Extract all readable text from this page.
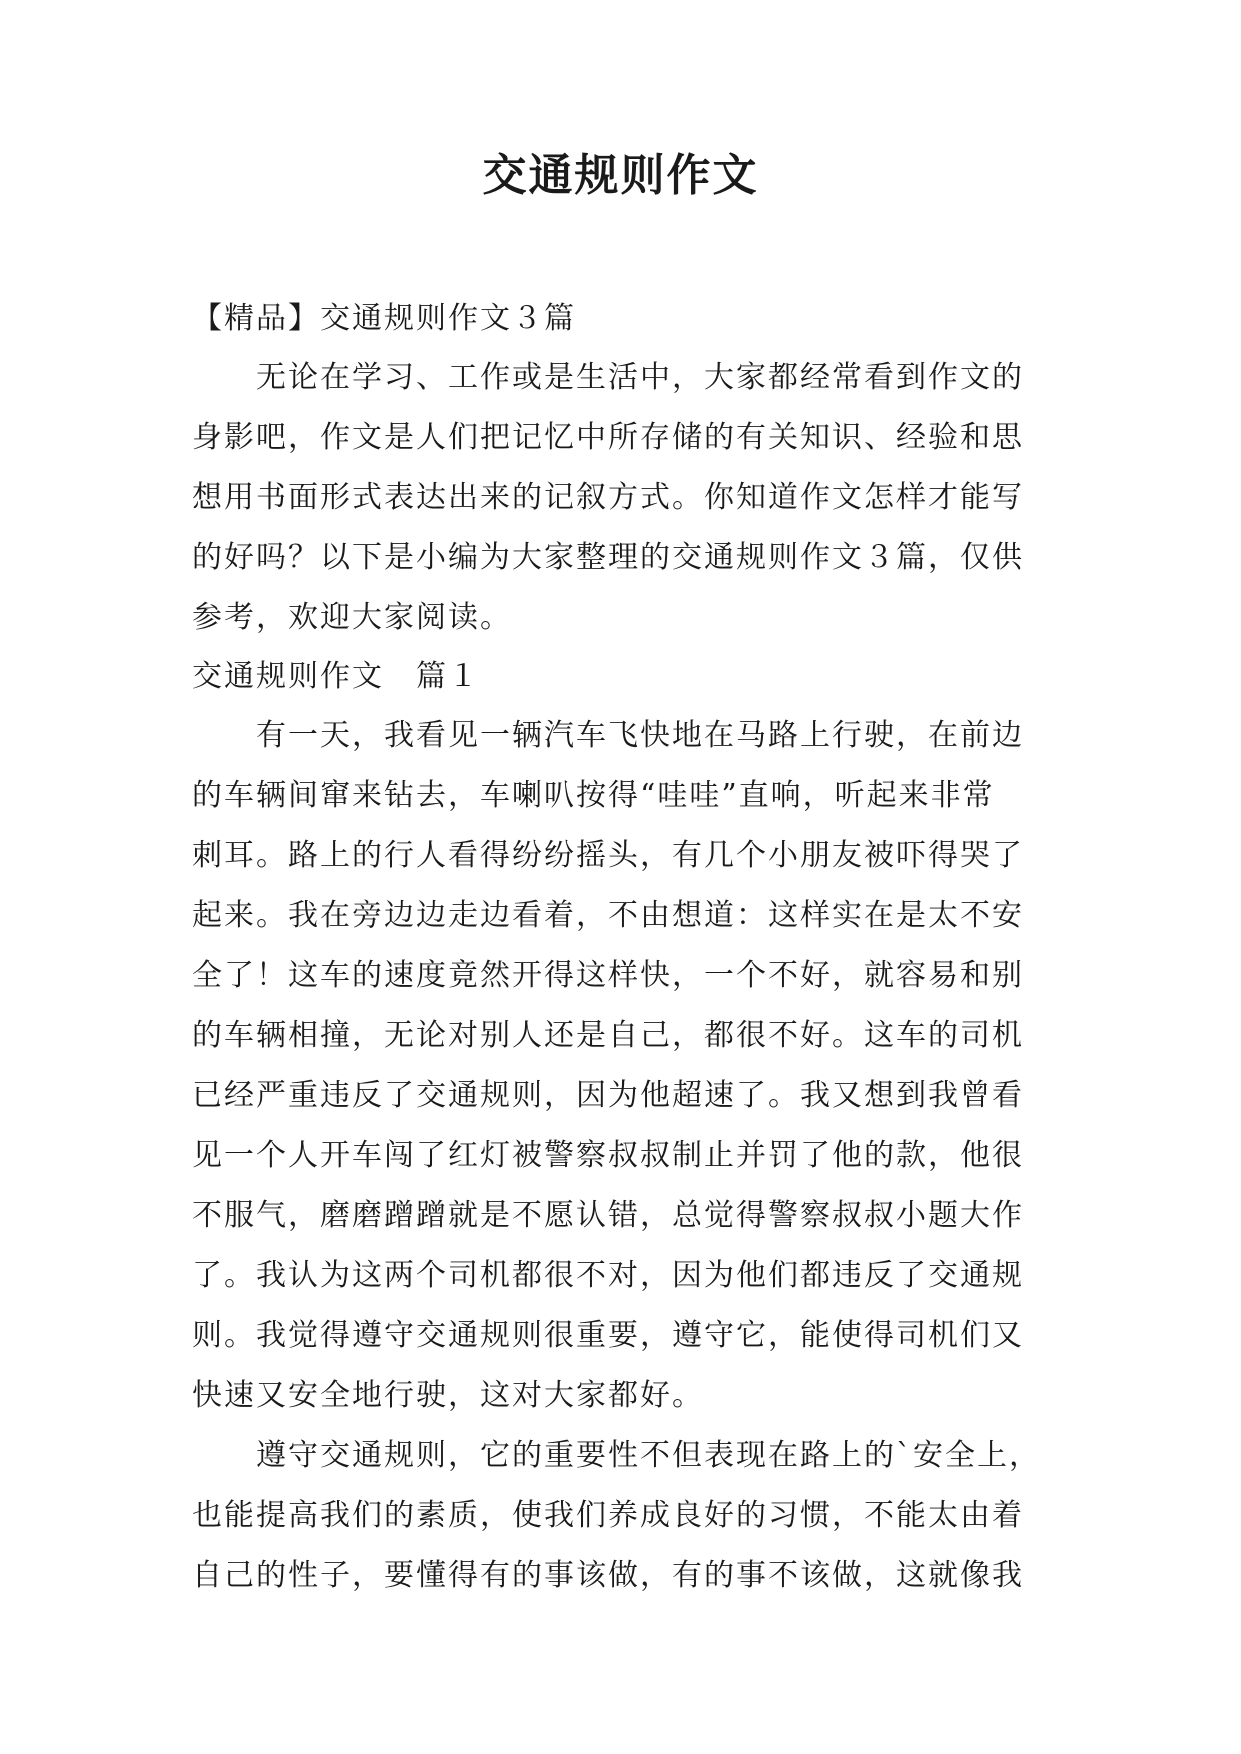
交通规则作文
【精品】交通规则作文３篇
无论在学习、工作或是生活中，大家都经常看到作文的
身影吧，作文是人们把记忆中所存储的有关知识、经验和思
想用书面形式表达出来的记叙方式。你知道作文怎样才能写
的好吗？以下是小编为大家整理的交通规则作文３篇，仅供
参考，欢迎大家阅读。
交通规则作文　篇１
有一天，我看见一辆汽车飞快地在马路上行驶，在前边
的车辆间窜来钻去，车喇叭按得“哇哇”直响，听起来非常
刺耳。路上的行人看得纷纷摇头，有几个小朋友被吓得哭了
起来。我在旁边边走边看着，不由想道：这样实在是太不安
全了！这车的速度竟然开得这样快，一个不好，就容易和别
的车辆相撞，无论对别人还是自己，都很不好。这车的司机
已经严重违反了交通规则，因为他超速了。我又想到我曾看
见一个人开车闯了红灯被警察叔叔制止并罚了他的款，他很
不服气，磨磨蹭蹭就是不愿认错，总觉得警察叔叔小题大作
了。我认为这两个司机都很不对，因为他们都违反了交通规
则。我觉得遵守交通规则很重要，遵守它，能使得司机们又
快速又安全地行驶，这对大家都好。
遵守交通规则，它的重要性不但表现在路上的`安全上，
也能提高我们的素质，使我们养成良好的习惯，不能太由着
自己的性子，要懂得有的事该做，有的事不该做，这就像我
